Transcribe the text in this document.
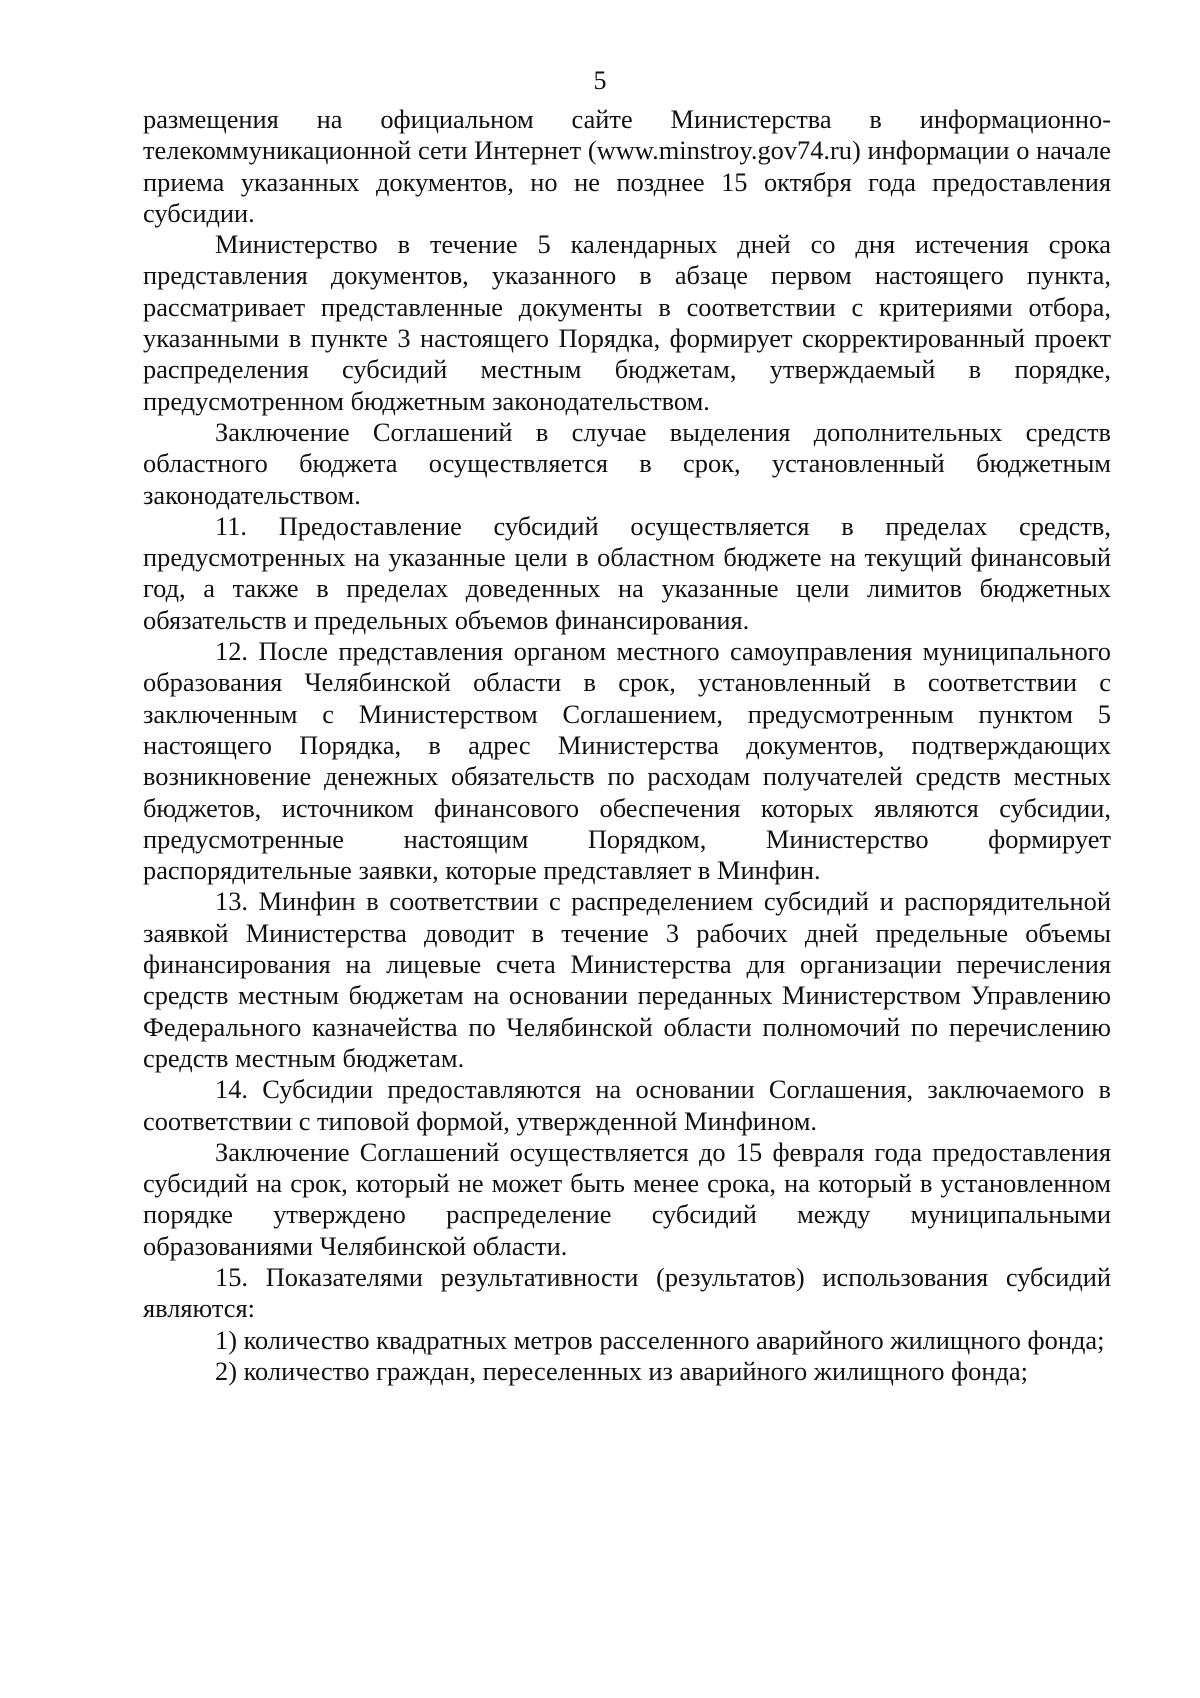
5

размещения на официальном сайте Министерства в информационно-телекоммуникационной сети Интернет (www.minstroy.gov74.ru) информации о начале приема указанных документов, но не позднее 15 октября года предоставления субсидии.

Министерство в течение 5 календарных дней со дня истечения срока представления документов, указанного в абзаце первом настоящего пункта, рассматривает представленные документы в соответствии с критериями отбора, указанными в пункте 3 настоящего Порядка, формирует скорректированный проект распределения субсидий местным бюджетам, утверждаемый в порядке, предусмотренном бюджетным законодательством.

Заключение Соглашений в случае выделения дополнительных средств областного бюджета осуществляется в срок, установленный бюджетным законодательством.

11. Предоставление субсидий осуществляется в пределах средств, предусмотренных на указанные цели в областном бюджете на текущий финансовый год, а также в пределах доведенных на указанные цели лимитов бюджетных обязательств и предельных объемов финансирования.

12. После представления органом местного самоуправления муниципального образования Челябинской области в срок, установленный в соответствии с заключенным с Министерством Соглашением, предусмотренным пунктом 5 настоящего Порядка, в адрес Министерства документов, подтверждающих возникновение денежных обязательств по расходам получателей средств местных бюджетов, источником финансового обеспечения которых являются субсидии, предусмотренные настоящим Порядком, Министерство формирует распорядительные заявки, которые представляет в Минфин.

13. Минфин в соответствии с распределением субсидий и распорядительной заявкой Министерства доводит в течение 3 рабочих дней предельные объемы финансирования на лицевые счета Министерства для организации перечисления средств местным бюджетам на основании переданных Министерством Управлению Федерального казначейства по Челябинской области полномочий по перечислению средств местным бюджетам.

14. Субсидии предоставляются на основании Соглашения, заключаемого в соответствии с типовой формой, утвержденной Минфином.

Заключение Соглашений осуществляется до 15 февраля года предоставления субсидий на срок, который не может быть менее срока, на который в установленном порядке утверждено распределение субсидий между муниципальными образованиями Челябинской области.

15. Показателями результативности (результатов) использования субсидий являются:

1) количество квадратных метров расселенного аварийного жилищного фонда;

2) количество граждан, переселенных из аварийного жилищного фонда;
